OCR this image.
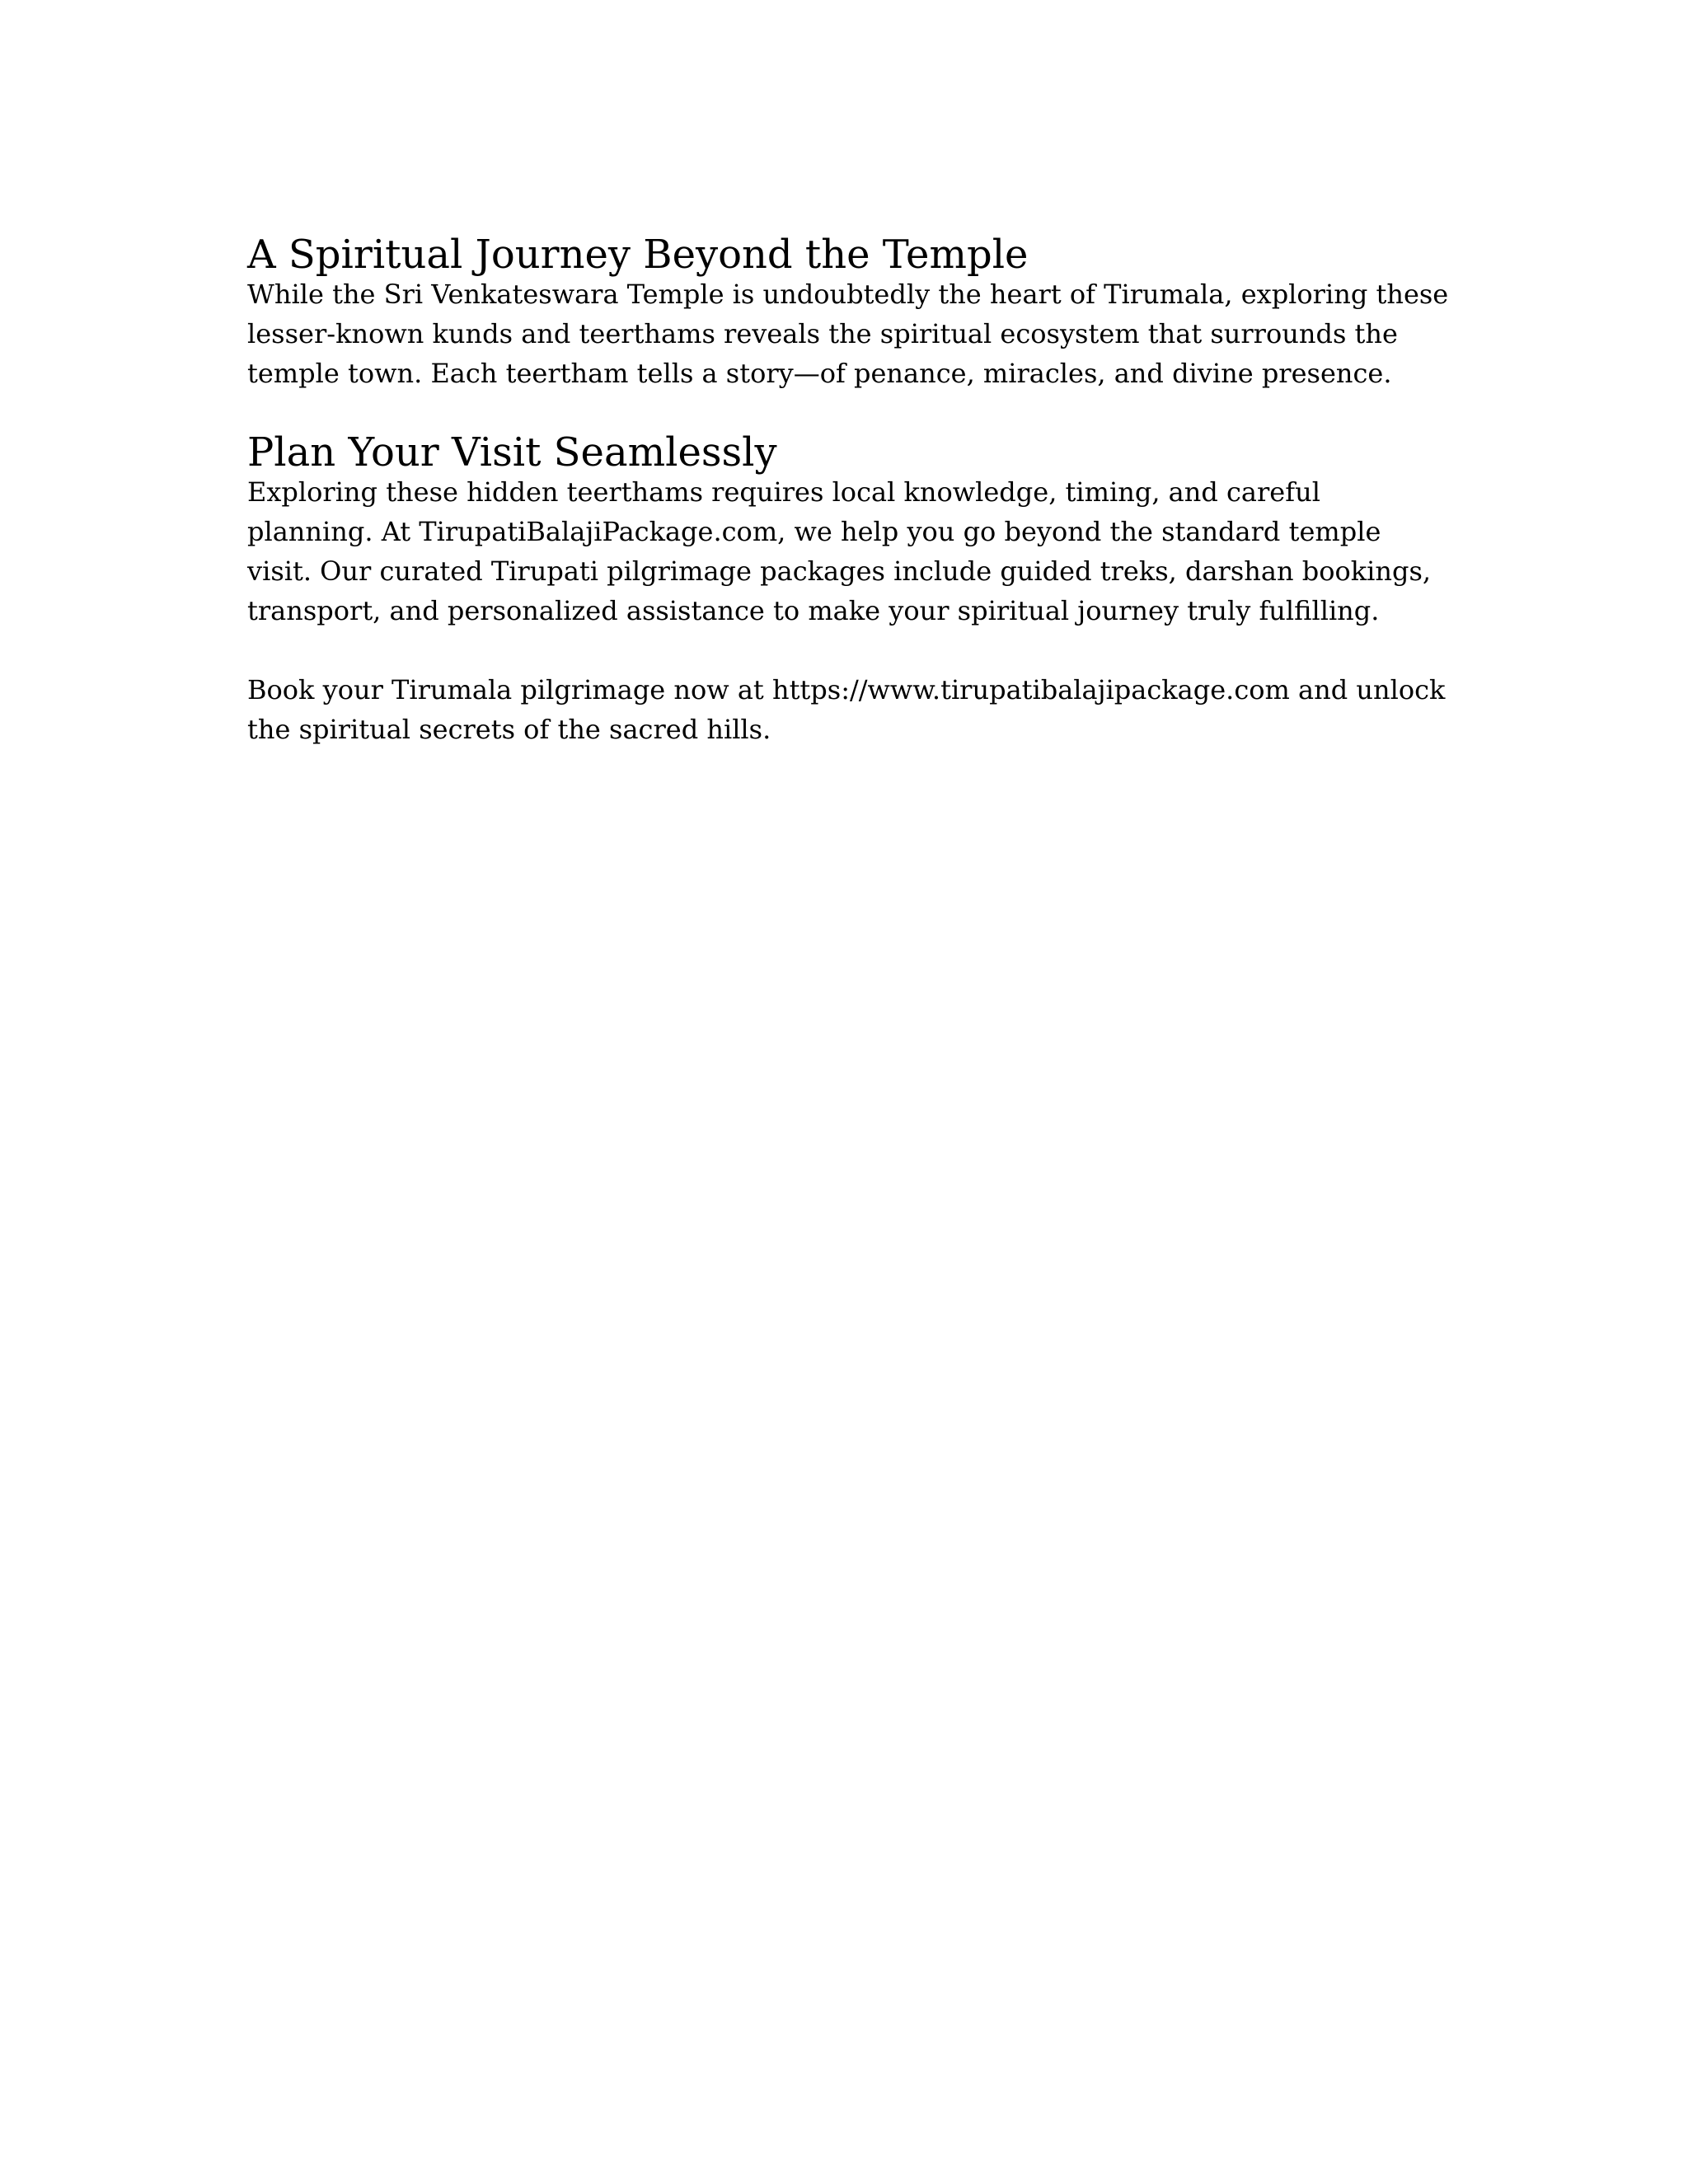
A Spiritual Journey Beyond the Temple

While the Sri Venkateswara Temple is undoubtedly the heart of Tirumala, exploring these lesser-known kunds and teerthams reveals the spiritual ecosystem that surrounds the temple town. Each teertham tells a story—of penance, miracles, and divine presence.

Plan Your Visit Seamlessly

Exploring these hidden teerthams requires local knowledge, timing, and careful planning. At TirupatiBalajiPackage.com, we help you go beyond the standard temple visit. Our curated Tirupati pilgrimage packages include guided treks, darshan bookings, transport, and personalized assistance to make your spiritual journey truly fulfilling.

Book your Tirumala pilgrimage now at https://www.tirupatibalajipackage.com and unlock the spiritual secrets of the sacred hills.
